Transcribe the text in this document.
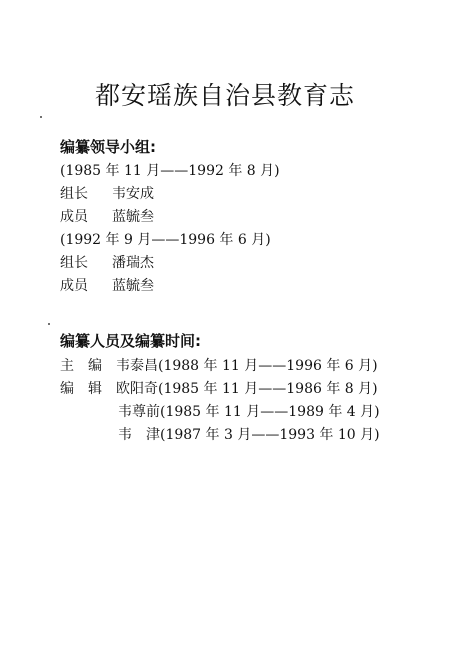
都安瑶族自治县教育志
编纂领导小组:
(1985 年 11 月——1992 年 8 月)
组长 韦安成
成员 蓝毓叁
(1992 年 9 月——1996 年 6 月)
组长 潘瑞杰
成员 蓝毓叁
编纂人员及编纂时间:
主　编 韦泰昌(1988 年 11 月——1996 年 6 月)
编　辑 欧阳奇(1985 年 11 月——1986 年 8 月)
韦尊前(1985 年 11 月——1989 年 4 月)
韦　津(1987 年 3 月——1993 年 10 月)
